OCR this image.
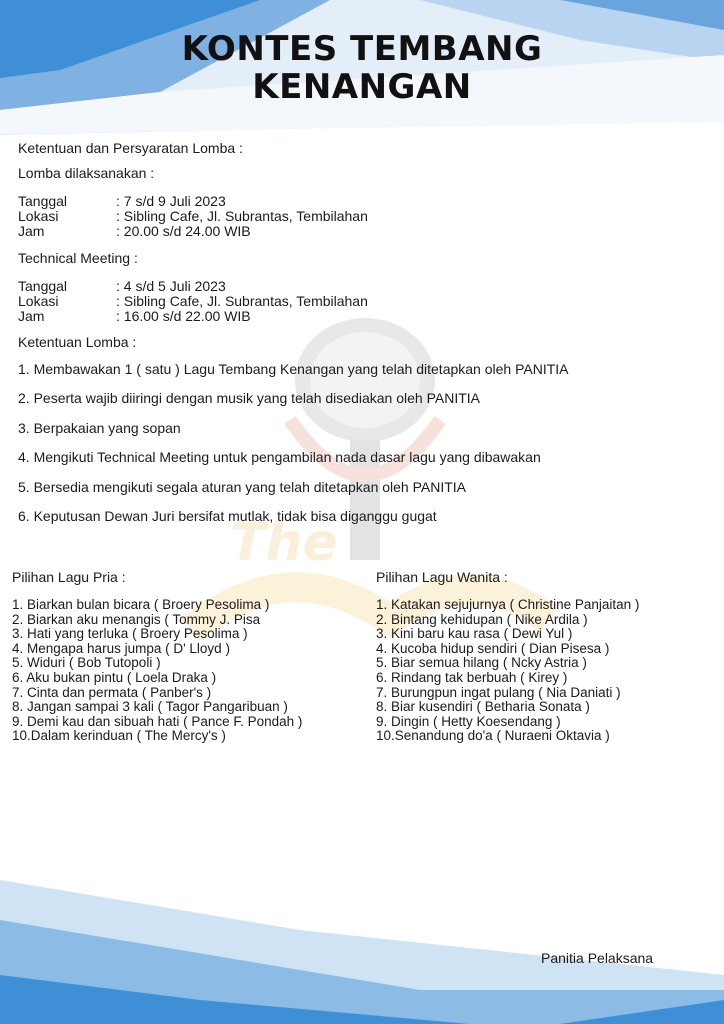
The
KONTES TEMBANG
KENANGAN

Ketentuan dan Persyaratan Lomba :

Lomba dilaksanakan :

Tanggal	: 7 s/d 9 Juli 2023
Lokasi	: Sibling Cafe, Jl. Subrantas, Tembilahan
Jam	: 20.00 s/d 24.00 WIB

Technical Meeting :

Tanggal	: 4 s/d 5 Juli 2023
Lokasi	: Sibling Cafe, Jl. Subrantas, Tembilahan
Jam	: 16.00 s/d 22.00 WIB

Ketentuan Lomba :

1. Membawakan 1 ( satu ) Lagu Tembang Kenangan yang telah ditetapkan oleh PANITIA
2. Peserta wajib diiringi dengan musik yang telah disediakan oleh PANITIA
3. Berpakaian yang sopan
4. Mengikuti Technical Meeting untuk pengambilan nada dasar lagu yang dibawakan
5. Bersedia mengikuti segala aturan yang telah ditetapkan oleh PANITIA
6. Keputusan Dewan Juri bersifat mutlak, tidak bisa diganggu gugat

Pilihan Lagu Pria :

1. Biarkan bulan bicara ( Broery Pesolima )
2. Biarkan aku menangis ( Tommy J. Pisa
3. Hati yang terluka ( Broery Pesolima )
4. Mengapa harus jumpa ( D' Lloyd )
5. Widuri ( Bob Tutopoli )
6. Aku bukan pintu ( Loela Draka )
7. Cinta dan permata ( Panber's )
8. Jangan sampai 3 kali ( Tagor Pangaribuan )
9. Demi kau dan sibuah hati ( Pance F. Pondah )
10.Dalam kerinduan ( The Mercy's )

Pilihan Lagu Wanita :

1. Katakan sejujurnya ( Christine Panjaitan )
2. Bintang kehidupan ( Nike Ardila )
3. Kini baru kau rasa ( Dewi Yul )
4. Kucoba hidup sendiri ( Dian Pisesa )
5. Biar semua hilang ( Ncky Astria )
6. Rindang tak berbuah ( Kirey )
7. Burungpun ingat pulang ( Nia Daniati )
8. Biar kusendiri ( Betharia Sonata )
9. Dingin ( Hetty Koesendang )
10.Senandung do'a ( Nuraeni Oktavia )

Panitia Pelaksana
